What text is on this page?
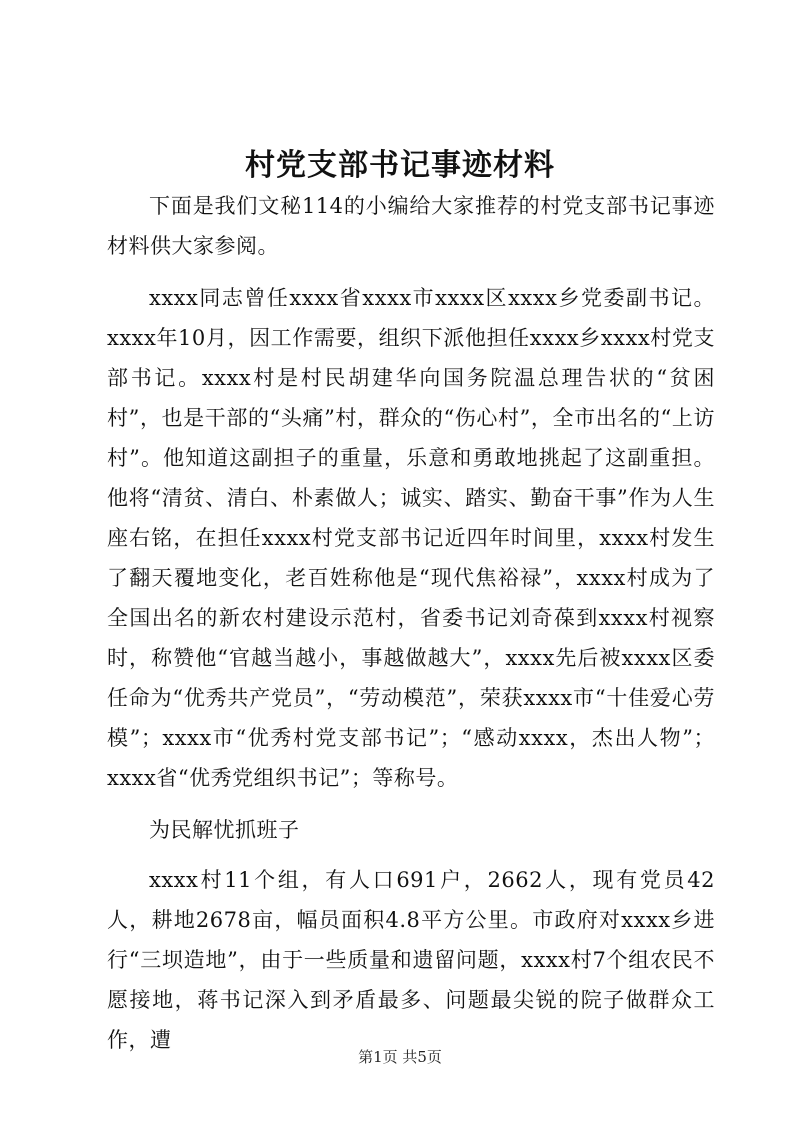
村党支部书记事迹材料

下面是我们文秘114的小编给大家推荐的村党支部书记事迹材料供大家参阅。

xxxx同志曾任xxxx省xxxx市xxxx区xxxx乡党委副书记。xxxx年10月，因工作需要，组织下派他担任xxxx乡xxxx村党支部书记。xxxx村是村民胡建华向国务院温总理告状的“贫困村”，也是干部的“头痛”村，群众的“伤心村”，全市出名的“上访村”。他知道这副担子的重量，乐意和勇敢地挑起了这副重担。他将“清贫、清白、朴素做人；诚实、踏实、勤奋干事”作为人生座右铭，在担任xxxx村党支部书记近四年时间里，xxxx村发生了翻天覆地变化，老百姓称他是“现代焦裕禄”，xxxx村成为了全国出名的新农村建设示范村，省委书记刘奇葆到xxxx村视察时，称赞他“官越当越小，事越做越大”，xxxx先后被xxxx区委任命为“优秀共产党员”，“劳动模范”，荣获xxxx市“十佳爱心劳模”；xxxx市“优秀村党支部书记”；“感动xxxx，杰出人物”；xxxx省“优秀党组织书记”；等称号。

为民解忧抓班子

xxxx村11个组，有人口691户，2662人，现有党员42人，耕地2678亩，幅员面积4.8平方公里。市政府对xxxx乡进行“三坝造地”，由于一些质量和遗留问题，xxxx村7个组农民不愿接地，蒋书记深入到矛盾最多、问题最尖锐的院子做群众工作，遭

第1页 共5页
